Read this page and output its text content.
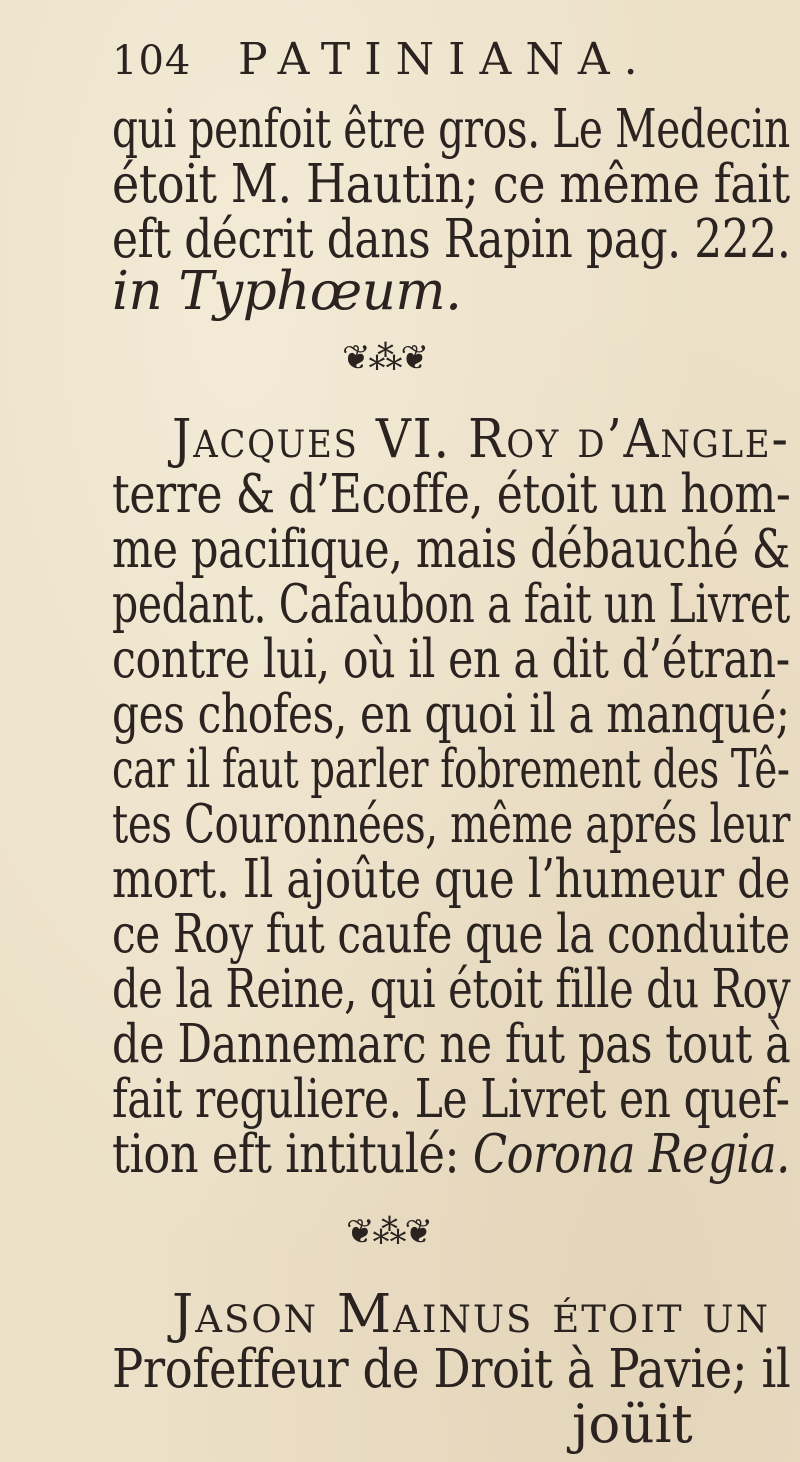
104 PATINIANA.
qui penfoit être gros. Le Medecin
étoit M. Hautin; ce même fait
eft décrit dans Rapin pag. 222.
in Typhœum.
❦⁂❦
Jacques VI. Roy d’Angle-
terre & d’Ecoffe, étoit un hom-
me pacifique, mais débauché &
pedant. Cafaubon a fait un Livret
contre lui, où il en a dit d’étran-
ges chofes, en quoi il a manqué;
car il faut parler fobrement des Tê-
tes Couronnées, même aprés leur
mort. Il ajoûte que l’humeur de
ce Roy fut caufe que la conduite
de la Reine, qui étoit fille du Roy
de Dannemarc ne fut pas tout à
fait reguliere. Le Livret en quef-
tion eft intitulé: Corona Regia.
❦⁂❦
Jason Mainus étoit un
Profeffeur de Droit à Pavie; il
joüit
